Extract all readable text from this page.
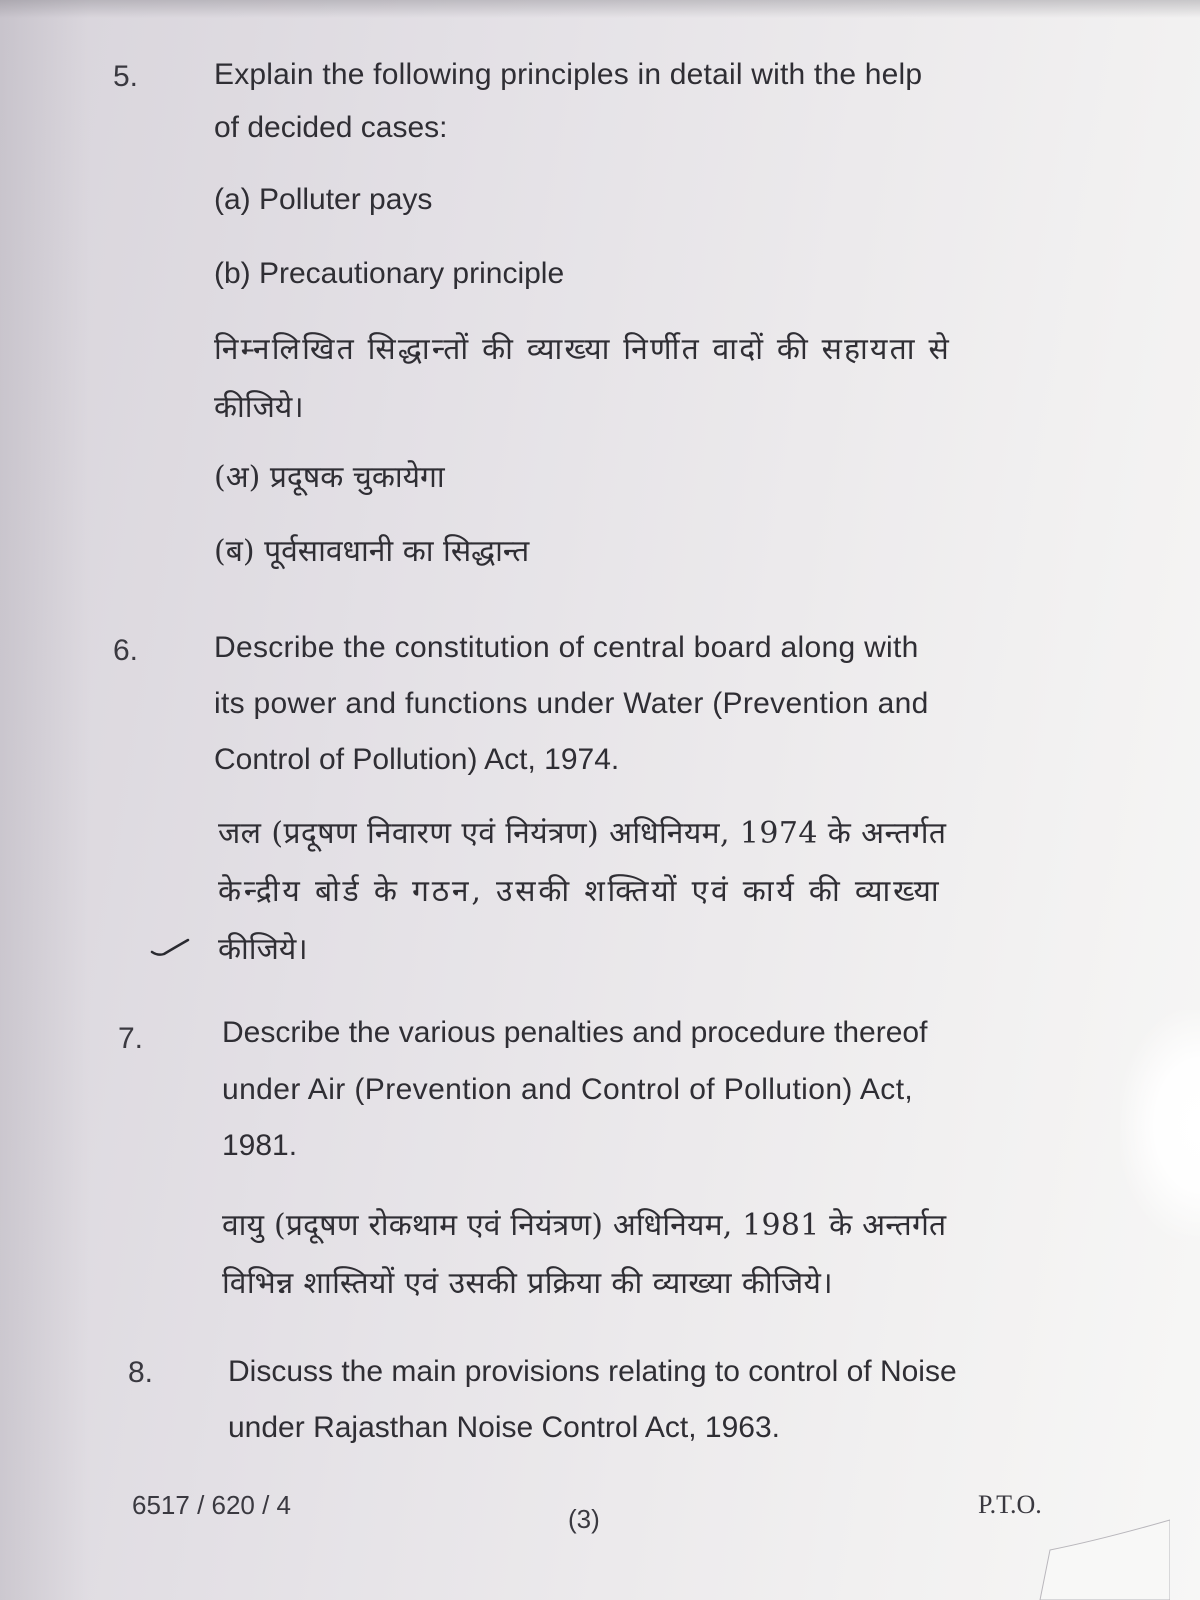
5.	Explain the following principles in detail with the help
of decided cases:
(a) Polluter pays
(b) Precautionary principle
निम्नलिखित सिद्धान्तों की व्याख्या निर्णीत वादों की सहायता से
कीजिये।
(अ) प्रदूषक चुकायेगा
(ब) पूर्वसावधानी का सिद्धान्त
6.	Describe the constitution of central board along with
its power and functions under Water (Prevention and
Control of Pollution) Act, 1974.
जल (प्रदूषण निवारण एवं नियंत्रण) अधिनियम, 1974 के अन्तर्गत
केन्द्रीय बोर्ड के गठन, उसकी शक्तियों एवं कार्य की व्याख्या
कीजिये।
7.	Describe the various penalties and procedure thereof
under Air (Prevention and Control of Pollution) Act,
1981.
वायु (प्रदूषण रोकथाम एवं नियंत्रण) अधिनियम, 1981 के अन्तर्गत
विभिन्न शास्तियों एवं उसकी प्रक्रिया की व्याख्या कीजिये।
8. Discuss the main provisions relating to control of Noise
under Rajasthan Noise Control Act, 1963.
6517 / 620 / 4	(3)	P.T.O.
